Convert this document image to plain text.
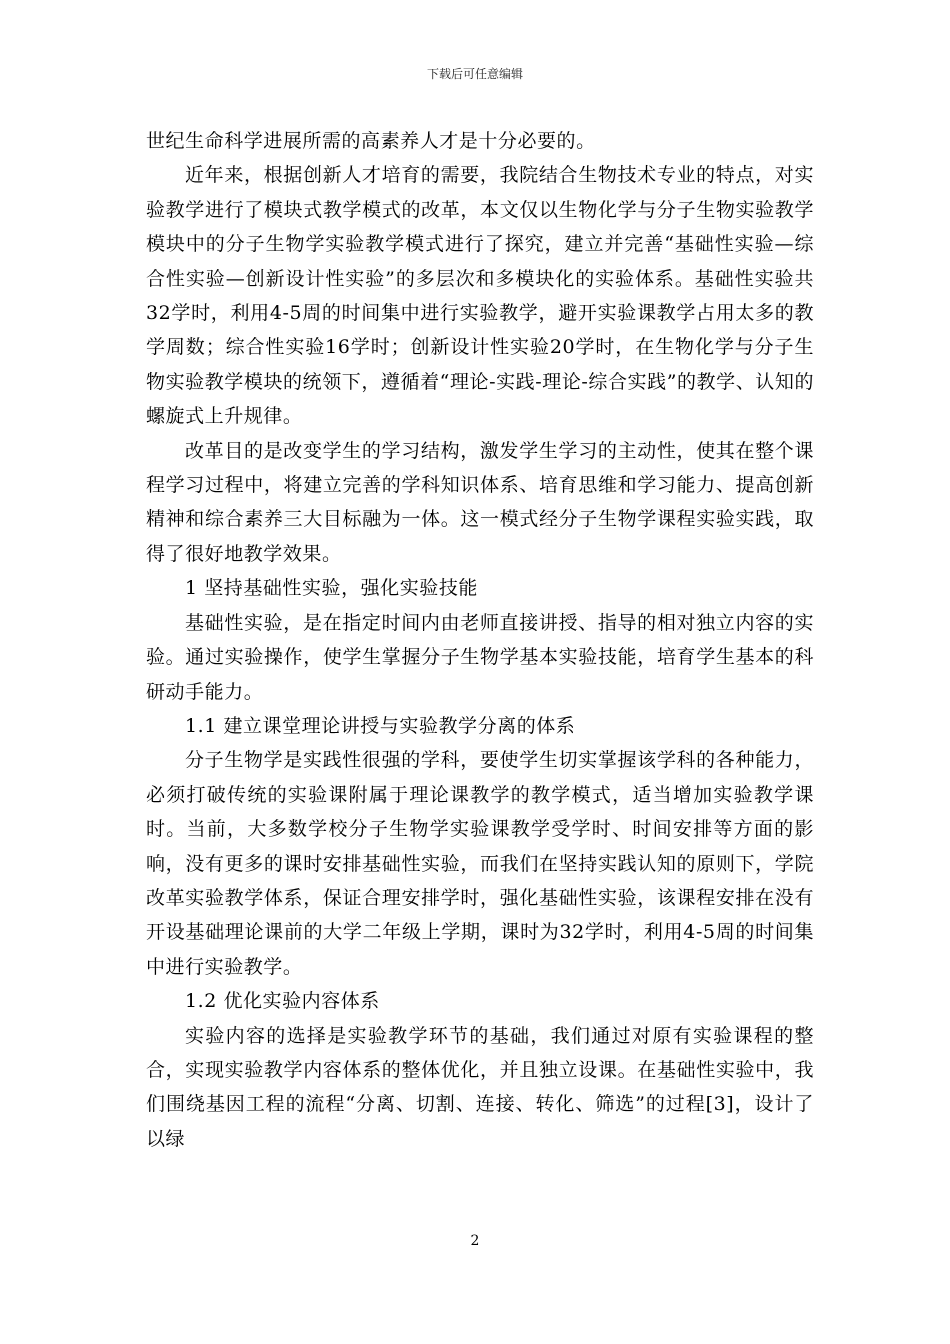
下载后可任意编辑

世纪生命科学进展所需的高素养人才是十分必要的。

近年来，根据创新人才培育的需要，我院结合生物技术专业的特点，对实验教学进行了模块式教学模式的改革，本文仅以生物化学与分子生物实验教学模块中的分子生物学实验教学模式进行了探究，建立并完善“基础性实验—综合性实验—创新设计性实验”的多层次和多模块化的实验体系。基础性实验共32学时，利用4-5周的时间集中进行实验教学，避开实验课教学占用太多的教学周数；综合性实验16学时；创新设计性实验20学时，在生物化学与分子生物实验教学模块的统领下，遵循着“理论-实践-理论-综合实践”的教学、认知的螺旋式上升规律。

改革目的是改变学生的学习结构，激发学生学习的主动性，使其在整个课程学习过程中，将建立完善的学科知识体系、培育思维和学习能力、提高创新精神和综合素养三大目标融为一体。这一模式经分子生物学课程实验实践，取得了很好地教学效果。

1 坚持基础性实验，强化实验技能

基础性实验，是在指定时间内由老师直接讲授、指导的相对独立内容的实验。通过实验操作，使学生掌握分子生物学基本实验技能，培育学生基本的科研动手能力。

1.1 建立课堂理论讲授与实验教学分离的体系

分子生物学是实践性很强的学科，要使学生切实掌握该学科的各种能力，必须打破传统的实验课附属于理论课教学的教学模式，适当增加实验教学课时。当前，大多数学校分子生物学实验课教学受学时、时间安排等方面的影响，没有更多的课时安排基础性实验，而我们在坚持实践认知的原则下，学院改革实验教学体系，保证合理安排学时，强化基础性实验，该课程安排在没有开设基础理论课前的大学二年级上学期，课时为32学时，利用4-5周的时间集中进行实验教学。

1.2 优化实验内容体系

实验内容的选择是实验教学环节的基础，我们通过对原有实验课程的整合，实现实验教学内容体系的整体优化，并且独立设课。在基础性实验中，我们围绕基因工程的流程“分离、切割、连接、转化、筛选”的过程[3]，设计了以绿

2
